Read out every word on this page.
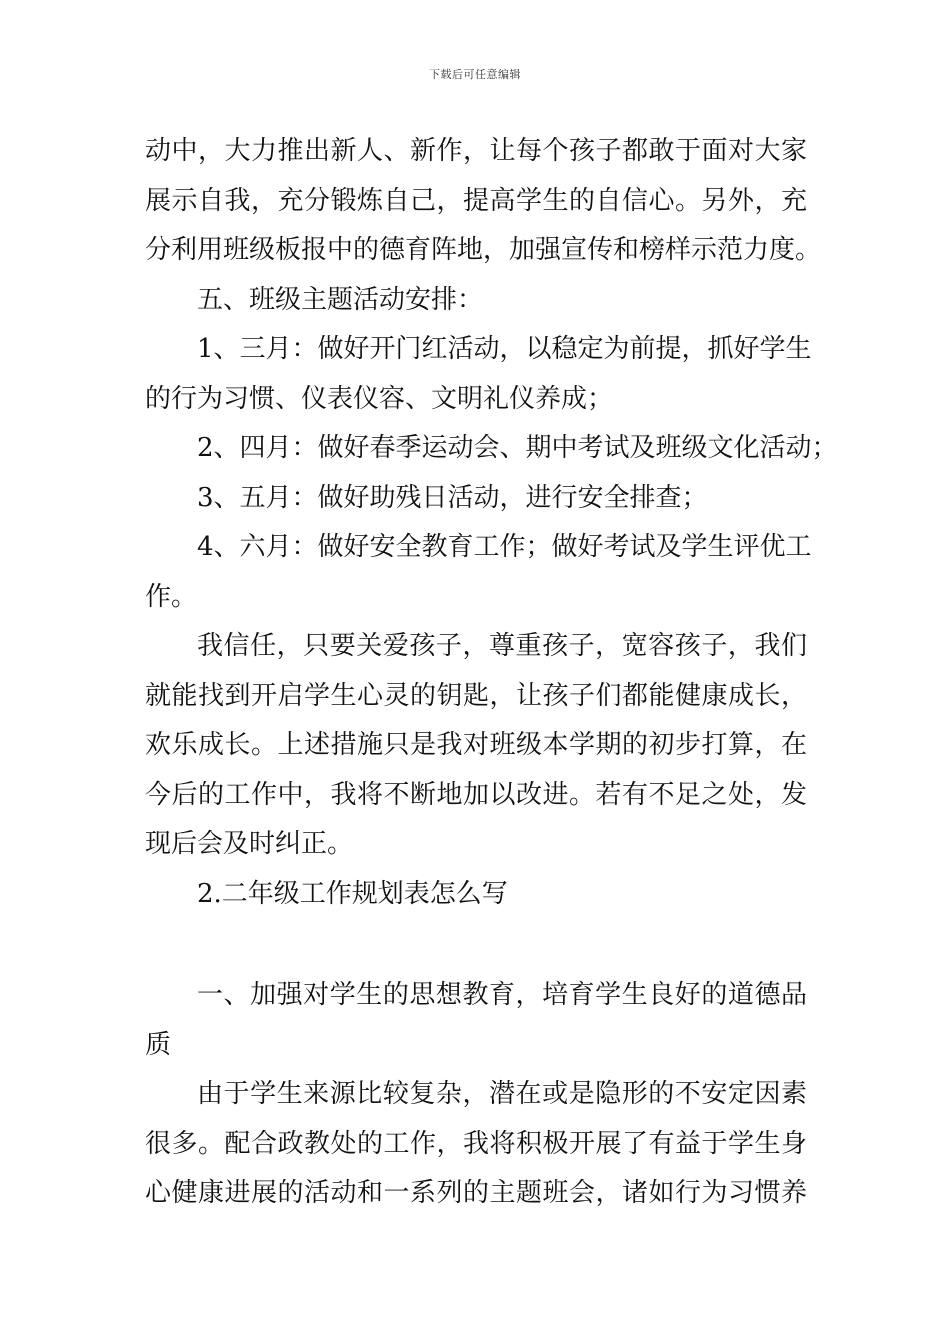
下载后可任意编辑
动中，大力推出新人、新作，让每个孩子都敢于面对大家
展示自我，充分锻炼自己，提高学生的自信心。另外，充
分利用班级板报中的德育阵地，加强宣传和榜样示范力度。
五、班级主题活动安排：
1、三月：做好开门红活动，以稳定为前提，抓好学生
的行为习惯、仪表仪容、文明礼仪养成；
2、四月：做好春季运动会、期中考试及班级文化活动；
3、五月：做好助残日活动，进行安全排查；
4、六月：做好安全教育工作；做好考试及学生评优工
作。
我信任，只要关爱孩子，尊重孩子，宽容孩子，我们
就能找到开启学生心灵的钥匙，让孩子们都能健康成长，
欢乐成长。上述措施只是我对班级本学期的初步打算，在
今后的工作中，我将不断地加以改进。若有不足之处，发
现后会及时纠正。
2.二年级工作规划表怎么写
一、加强对学生的思想教育，培育学生良好的道德品
质
由于学生来源比较复杂，潜在或是隐形的不安定因素
很多。配合政教处的工作，我将积极开展了有益于学生身
心健康进展的活动和一系列的主题班会，诸如行为习惯养
